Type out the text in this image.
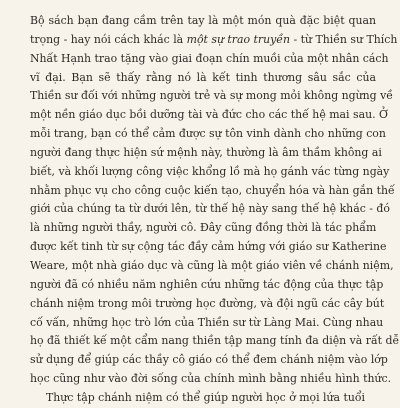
Bộ sách bạn đang cầm trên tay là một món quà đặc biệt quan
trọng - hay nói cách khác là một sự trao truyền - từ Thiền sư Thích
Nhất Hạnh trao tặng vào giai đoạn chín muồi của một nhân cách
vĩ đại. Bạn sẽ thấy rằng nó là kết tinh thương sâu sắc của
Thiền sư đối với những người trẻ và sự mong mỏi không ngừng về
một nền giáo dục bồi dưỡng tài và đức cho các thế hệ mai sau. Ở
mỗi trang, bạn có thể cảm được sự tôn vinh dành cho những con
người đang thực hiện sứ mệnh này, thường là âm thầm không ai
biết, và khối lượng công việc khổng lồ mà họ gánh vác từng ngày
nhằm phục vụ cho công cuộc kiến tạo, chuyển hóa và hàn gắn thế
giới của chúng ta từ dưới lên, từ thế hệ này sang thế hệ khác - đó
là những người thầy, người cô. Đây cũng đồng thời là tác phẩm
được kết tinh từ sự cộng tác đầy cảm hứng với giáo sư Katherine
Weare, một nhà giáo dục và cũng là một giáo viên về chánh niệm,
người đã có nhiều năm nghiên cứu những tác động của thực tập
chánh niệm trong môi trường học đường, và đội ngũ các cây bút
cố vấn, những học trò lớn của Thiền sư từ Làng Mai. Cùng nhau
họ đã thiết kế một cẩm nang thiền tập mang tính đa diện và rất dễ
sử dụng để giúp các thầy cô giáo có thể đem chánh niệm vào lớp
học cũng như vào đời sống của chính mình bằng nhiều hình thức.
Thực tập chánh niệm có thể giúp người học ở mọi lứa tuổi
